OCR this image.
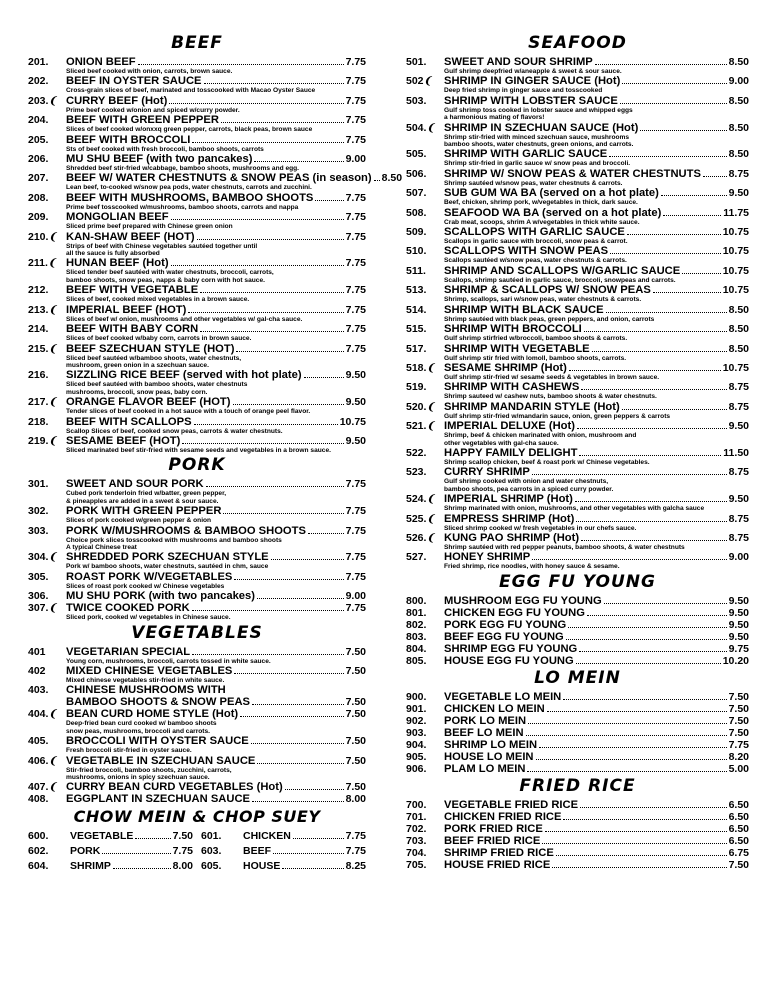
BEEF
201.	ONION BEEF	7.75
Sliced beef cooked with onion, carrots, brown sauce.
202.	BEEF IN OYSTER SAUCE	7.75
Cross-grain slices of beef, marinated and tosscooked with Macao Oyster Sauce
203.❨ CURRY BEEF (Hot)	7.75
Prime beef cooked w/onion and spiced w/curry powder.
204.	BEEF WITH GREEN PEPPER	7.75
Slices of beef cooked w/onxxq green pepper, carrots, black peas, brown sauce
205.	BEEF WITH BROCCOLI	7.75
Sts of beef cooked with fresh broccoli, bamboo shoots, carrots
206.	MU SHU BEEF (with two pancakes)	9.00
Shredded beef stir-fried w/cabbage, bamboo shoots, mushrooms and egg.
207.	BEEF W/ WATER CHESTNUTS & SNOW PEAS (in season) 8.50
Lean beef, to-cooked w/snow pea pods, water chestnuts, carrots and zucchini.
208.	BEEF WITH MUSHROOMS, BAMBOO SHOOTS	7.75
Prime beef tosscooked w/mushrooms, bamboo shoots, carrots and nappa
209.	MONGOLIAN BEEF	7.75
Sliced prime beef prepared with Chinese green onion
210.❨ KAN-SHAW BEEF (HOT)	7.75
Strips of beef with Chinese vegetables sautéed together until
all the sauce is fully absorbed
211.❨ HUNAN BEEF (Hot)	7.75
Sliced tender beef sautéed with water chestnuts, broccoli, carrots,
bamboo shoots, snow peas, napps & baby corn with hot sauce.
212.	BEEF WITH VEGETABLE	7.75
Slices of beef, cooked mixed vegetables in a brown sauce.
213.❨ IMPERIAL BEEF (HOT)	7.75
Slices of beef w/ onion, mushrooms and other vegetables w/ gal-cha sauce.
214.	BEEF WITH BABY CORN	7.75
Slices of beef cooked w/baby corn, carrots in brown sauce.
215.❨ BEEF SZECHUAN STYLE (HOT)	7.75
Sliced beef sautéed w/bamboo shoots, water chestnuts,
mushroom, green onion in a szechuan sauce.
216.	SIZZLING RICE BEEF (served with hot plate)	9.50
Sliced beef sautéed with bamboo shoots, water chestnuts
mushrooms, broccoli, snow peas, baby corn.
217.❨ ORANGE FLAVOR BEEF (HOT)	9.50
Tender slices of beef cooked in a hot sauce with a touch of orange peel flavor.
218.	BEEF WITH SCALLOPS	10.75
Scallop Slices of beef, cooked snow peas, carrots & water chestnuts.
219.❨ SESAME BEEF (HOT)	9.50
Sliced marinated beef stir-fried with sesame seeds and vegetables in a brown sauce.
PORK
301.	SWEET AND SOUR PORK	7.75
Cubed pork tenderloin fried w/batter, green pepper,
& pineapples are added in a sweet & sour sauce.
302.	PORK WITH GREEN PEPPER	7.75
Slices of pork cooked w/green pepper & onion
303.	PORK W/MUSHROOMS & BAMBOO SHOOTS	7.75
Choice pork slices tosscooked with mushrooms and bamboo shoots
A typical Chinese treat
304.❨ SHREDDED PORK SZECHUAN STYLE	7.75
Pork w/ bamboo shoots, water chestnuts, sautéed in chm, sauce
305.	ROAST PORK W/VEGETABLES	7.75
Slices of roast pork cooked w/ Chinese vegetables
306.	MU SHU PORK (with two pancakes)	9.00
307.❨ TWICE COOKED PORK	7.75
Sliced pork, cooked w/ vegetables in Chinese sauce.
VEGETABLES
401	VEGETARIAN SPECIAL	7.50
Young corn, mushrooms, broccoli, carrots tossed in white sauce.
402	MIXED CHINESE VEGETABLES	7.50
Mixed chinese vegetables stir-fried in white sauce.
403.	CHINESE MUSHROOMS WITH
BAMBOO SHOOTS & SNOW PEAS	7.50
404.❨ BEAN CURD HOME STYLE (Hot)	7.50
Deep-fried bean curd cooked w/ bamboo shoots
snow peas, mushrooms, broccoli and carrots.
405.	BROCCOLI WITH OYSTER SAUCE	7.50
Fresh broccoli stir-fried in oyster sauce.
406.❨ VEGETABLE IN SZECHUAN SAUCE	7.50
Stir-fried broccoli, bamboo shoots, zucchini, carrots,
mushrooms, onions in spicy szechuan sauce.
407.❨ CURRY BEAN CURD VEGETABLES (Hot)	7.50
408.	EGGPLANT IN SZECHUAN SAUCE	8.00
CHOW MEIN & CHOP SUEY
600.	VEGETABLE	7.50 601.	CHICKEN	7.75
602.	PORK	7.75 603.	BEEF	7.75
604.	SHRIMP	8.00 605.	HOUSE	8.25
SEAFOOD
501.	SWEET AND SOUR SHRIMP	8.50
Gulf shrimp deepfried w/aneapple & sweet & sour sauce.
502❨	SHRIMP IN GINGER SAUCE (Hot)	9.00
Deep fried shrimp in ginger sauce and tosscooked
503.	SHRIMP WITH LOBSTER SAUCE	8.50
Gulf shrimp toss cooked in lobster sauce and whipped eggs
a harmonious mating of flavors!
504.❨ SHRIMP IN SZECHUAN SAUCE (Hot)	8.50
Shrimp stir-fried with minced szechuan sauce, mushrooms
bamboo shoots, water chestnuts, green onions, and carrots.
505.	SHRIMP WITH GARLIC SAUCE	8.50
Shrimp stir-fried in garlic sauce w/ snow peas and broccoli.
506.	SHRIMP W/ SNOW PEAS & WATER CHESTNUTS	8.75
Shrimp sautéed w/snow peas, water chestnuts & carrots.
507.	SUB GUM WA BA (served on a hot plate)	9.50
Beef, chicken, shrimp pork, w/vegetables in thick, dark sauce.
508.	SEAFOOD WA BA (served on a hot plate)	11.75
Crab meat, scoops, shrim A w/vegetables in thick white sauce.
509.	SCALLOPS WITH GARLIC SAUCE	10.75
Scallops in garlic sauce with broccoli, snow peas & carrot.
510.	SCALLOPS WITH SNOW PEAS	10.75
Scallops sautéed w/snow peas, water chestnuts & carrots.
511.	SHRIMP AND SCALLOPS W/GARLIC SAUCE	10.75
Scallops, shrimp sautéed in garlic sauce, broccoli, snowpeas and carrots.
513.	SHRIMP & SCALLOPS W/ SNOW PEAS	10.75
Shrimp, scallops, sari w/snow peas, water chestnuts & carrots.
514.	SHRIMP WITH BLACK SAUCE	8.50
Shrimp sautéed with black peas, green peppers, and onion, carrots
515.	SHRIMP WITH BROCCOLI	8.50
Gulf shrimp stirfried w/broccoli, bamboo shoots & carrots.
517.	SHRIMP WITH VEGETABLE	8.50
Gulf shrimp stir fried with lomoll, bamboo shoots, carrots.
518.❨ SESAME SHRIMP (Hot)	10.75
Gulf shrimp stir-fried w/ sesame seeds & vegetables in brown sauce.
519.	SHRIMP WITH CASHEWS	8.75
Shrimp sauteed w/ cashew nuts, bamboo shoots & water chestnuts.
520.❨ SHRIMP MANDARIN STYLE (Hot)	8.75
Gulf shrimp stir-fried w/mandarin sauce, onion, green peppers & carrots
521.❨ IMPERIAL DELUXE (Hot)	9.50
Shrimp, beef & chicken marinated with onion, mushroom and
other vegetables with gal-cha sauce.
522.	HAPPY FAMILY DELIGHT	11.50
Shrimp scallop chicken, beef & roast pork w/ Chinese vegetables.
523.	CURRY SHRIMP	8.75
Gulf shrimp cooked with onion and water chestnuts,
bamboo shoots, pea carrots in a spiced curry powder.
524.❨ IMPERIAL SHRIMP (Hot)	9.50
Shrimp marinated with onion, mushrooms, and other vegetables with galcha sauce
525.❨ EMPRESS SHRIMP (Hot)	8.75
Sliced shrimp cooked w/ fresh vegetables in our chefs sauce.
526.❨ KUNG PAO SHRIMP (Hot)	8.75
Shrimp sautéed with red pepper peanuts, bamboo shoots, & water chestnuts
527.	HONEY SHRIMP	9.00
Fried shrimp, rice noodles, with honey sauce & sesame.
EGG FU YOUNG
800.	MUSHROOM EGG FU YOUNG	9.50
801.	CHICKEN EGG FU YOUNG	9.50
802.	PORK EGG FU YOUNG	9.50
803.	BEEF EGG FU YOUNG	9.50
804.	SHRIMP EGG FU YOUNG	9.75
805.	HOUSE EGG FU YOUNG	10.20
LO MEIN
900.	VEGETABLE LO MEIN	7.50
901.	CHICKEN LO MEIN	7.50
902.	PORK LO MEIN	7.50
903.	BEEF LO MEIN	7.50
904.	SHRIMP LO MEIN	7.75
905.	HOUSE LO MEIN	8.20
906.	PLAM LO MEIN	5.00
FRIED RICE
700.	VEGETABLE FRIED RICE	6.50
701.	CHICKEN FRIED RICE	6.50
702.	PORK FRIED RICE	6.50
703.	BEEF FRIED RICE	6.50
704.	SHRIMP FRIED RICE	6.75
705.	HOUSE FRIED RICE	7.50
